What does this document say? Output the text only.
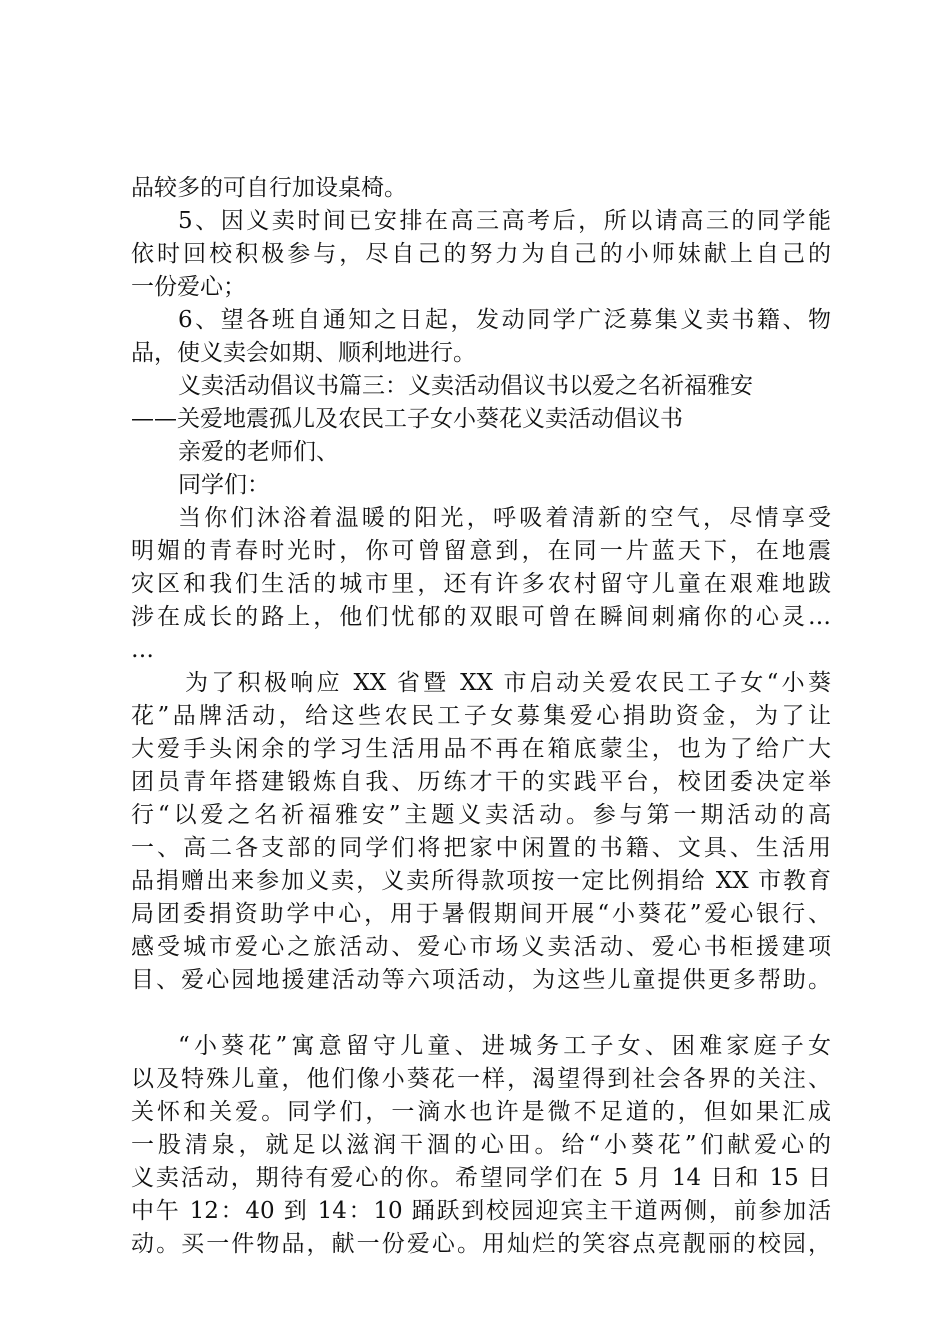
品较多的可自行加设桌椅。
5、因义卖时间已安排在高三高考后，所以请高三的同学能
依时回校积极参与，尽自己的努力为自己的小师妹献上自己的
一份爱心；
6、望各班自通知之日起，发动同学广泛募集义卖书籍、物
品，使义卖会如期、顺利地进行。
义卖活动倡议书篇三：义卖活动倡议书以爱之名祈福雅安
——关爱地震孤儿及农民工子女小葵花义卖活动倡议书
亲爱的老师们、
同学们：
当你们沐浴着温暖的阳光，呼吸着清新的空气，尽情享受
明媚的青春时光时，你可曾留意到，在同一片蓝天下，在地震
灾区和我们生活的城市里，还有许多农村留守儿童在艰难地跋
涉在成长的路上，他们忧郁的双眼可曾在瞬间刺痛你的心灵…
…
为了积极响应 XX 省暨 XX 市启动关爱农民工子女“小葵
花”品牌活动，给这些农民工子女募集爱心捐助资金，为了让
大爱手头闲余的学习生活用品不再在箱底蒙尘，也为了给广大
团员青年搭建锻炼自我、历练才干的实践平台，校团委决定举
行“以爱之名祈福雅安”主题义卖活动。参与第一期活动的高
一、高二各支部的同学们将把家中闲置的书籍、文具、生活用
品捐赠出来参加义卖，义卖所得款项按一定比例捐给 XX 市教育
局团委捐资助学中心，用于暑假期间开展“小葵花”爱心银行、
感受城市爱心之旅活动、爱心市场义卖活动、爱心书柜援建项
目、爱心园地援建活动等六项活动，为这些儿童提供更多帮助。
“小葵花”寓意留守儿童、进城务工子女、困难家庭子女
以及特殊儿童，他们像小葵花一样，渴望得到社会各界的关注、
关怀和关爱。同学们，一滴水也许是微不足道的，但如果汇成
一股清泉，就足以滋润干涸的心田。给“小葵花”们献爱心的
义卖活动，期待有爱心的你。希望同学们在 5 月 14 日和 15 日
中午 12：40 到 14：10 踊跃到校园迎宾主干道两侧，前参加活
动。买一件物品，献一份爱心。用灿烂的笑容点亮靓丽的校园，
